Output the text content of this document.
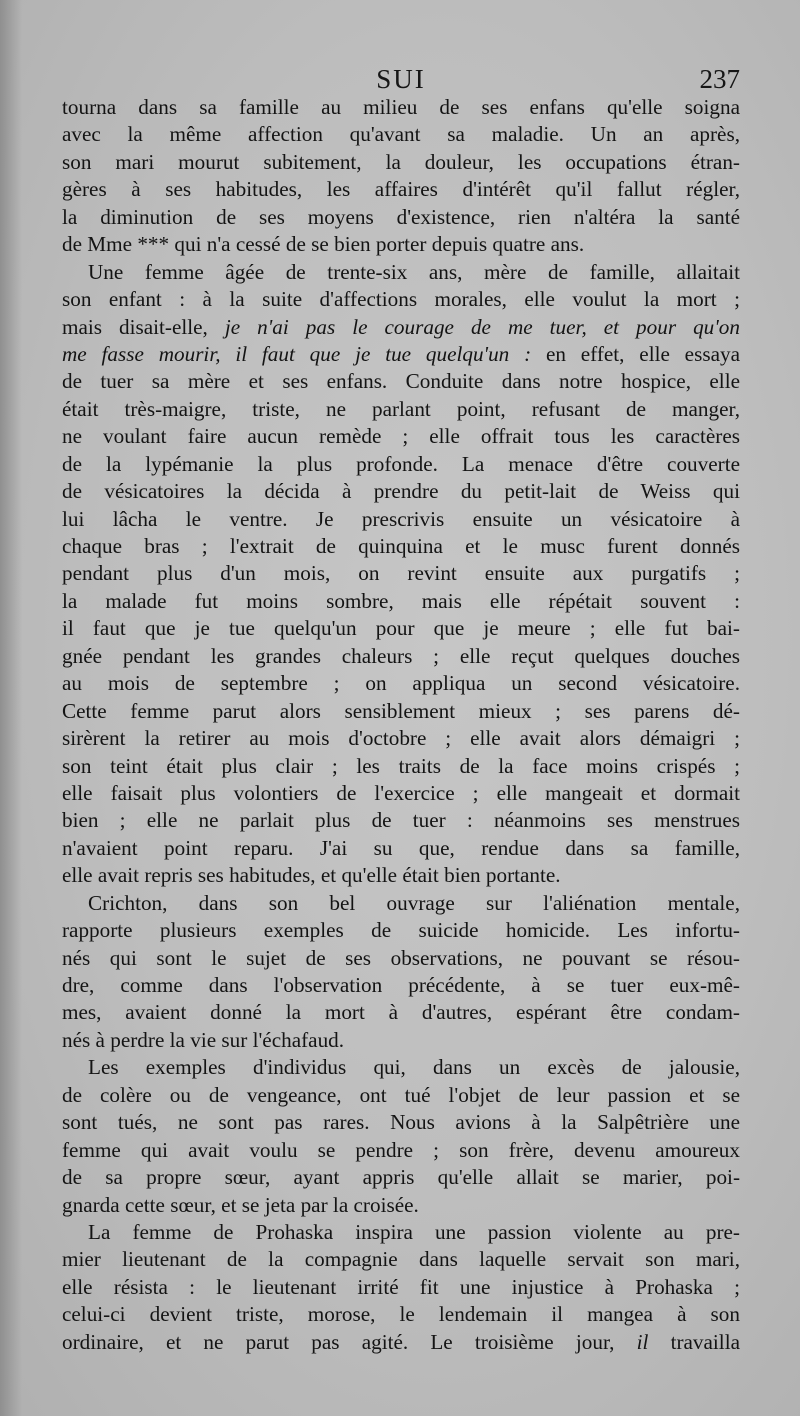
SUI	237
tourna dans sa famille au milieu de ses enfans qu'elle soigna
avec la même affection qu'avant sa maladie. Un an après,
son mari mourut subitement, la douleur, les occupations étran-
gères à ses habitudes, les affaires d'intérêt qu'il fallut régler,
la diminution de ses moyens d'existence, rien n'altéra la santé
de Mme *** qui n'a cessé de se bien porter depuis quatre ans.
Une femme âgée de trente-six ans, mère de famille, allaitait
son enfant : à la suite d'affections morales, elle voulut la mort ;
mais disait-elle, je n'ai pas le courage de me tuer, et pour qu'on
me fasse mourir, il faut que je tue quelqu'un : en effet, elle essaya
de tuer sa mère et ses enfans. Conduite dans notre hospice, elle
était très-maigre, triste, ne parlant point, refusant de manger,
ne voulant faire aucun remède ; elle offrait tous les caractères
de la lypémanie la plus profonde. La menace d'être couverte
de vésicatoires la décida à prendre du petit-lait de Weiss qui
lui lâcha le ventre. Je prescrivis ensuite un vésicatoire à
chaque bras ; l'extrait de quinquina et le musc furent donnés
pendant plus d'un mois, on revint ensuite aux purgatifs ;
la malade fut moins sombre, mais elle répétait souvent :
il faut que je tue quelqu'un pour que je meure ; elle fut bai-
gnée pendant les grandes chaleurs ; elle reçut quelques douches
au mois de septembre ; on appliqua un second vésicatoire.
Cette femme parut alors sensiblement mieux ; ses parens dé-
sirèrent la retirer au mois d'octobre ; elle avait alors démaigri ;
son teint était plus clair ; les traits de la face moins crispés ;
elle faisait plus volontiers de l'exercice ; elle mangeait et dormait
bien ; elle ne parlait plus de tuer : néanmoins ses menstrues
n'avaient point reparu. J'ai su que, rendue dans sa famille,
elle avait repris ses habitudes, et qu'elle était bien portante.
Crichton, dans son bel ouvrage sur l'aliénation mentale,
rapporte plusieurs exemples de suicide homicide. Les infortu-
nés qui sont le sujet de ses observations, ne pouvant se résou-
dre, comme dans l'observation précédente, à se tuer eux-mê-
mes, avaient donné la mort à d'autres, espérant être condam-
nés à perdre la vie sur l'échafaud.
Les exemples d'individus qui, dans un excès de jalousie,
de colère ou de vengeance, ont tué l'objet de leur passion et se
sont tués, ne sont pas rares. Nous avions à la Salpêtrière une
femme qui avait voulu se pendre ; son frère, devenu amoureux
de sa propre sœur, ayant appris qu'elle allait se marier, poi-
gnarda cette sœur, et se jeta par la croisée.
La femme de Prohaska inspira une passion violente au pre-
mier lieutenant de la compagnie dans laquelle servait son mari,
elle résista : le lieutenant irrité fit une injustice à Prohaska ;
celui-ci devient triste, morose, le lendemain il mangea à son
ordinaire, et ne parut pas agité. Le troisième jour, il travailla
